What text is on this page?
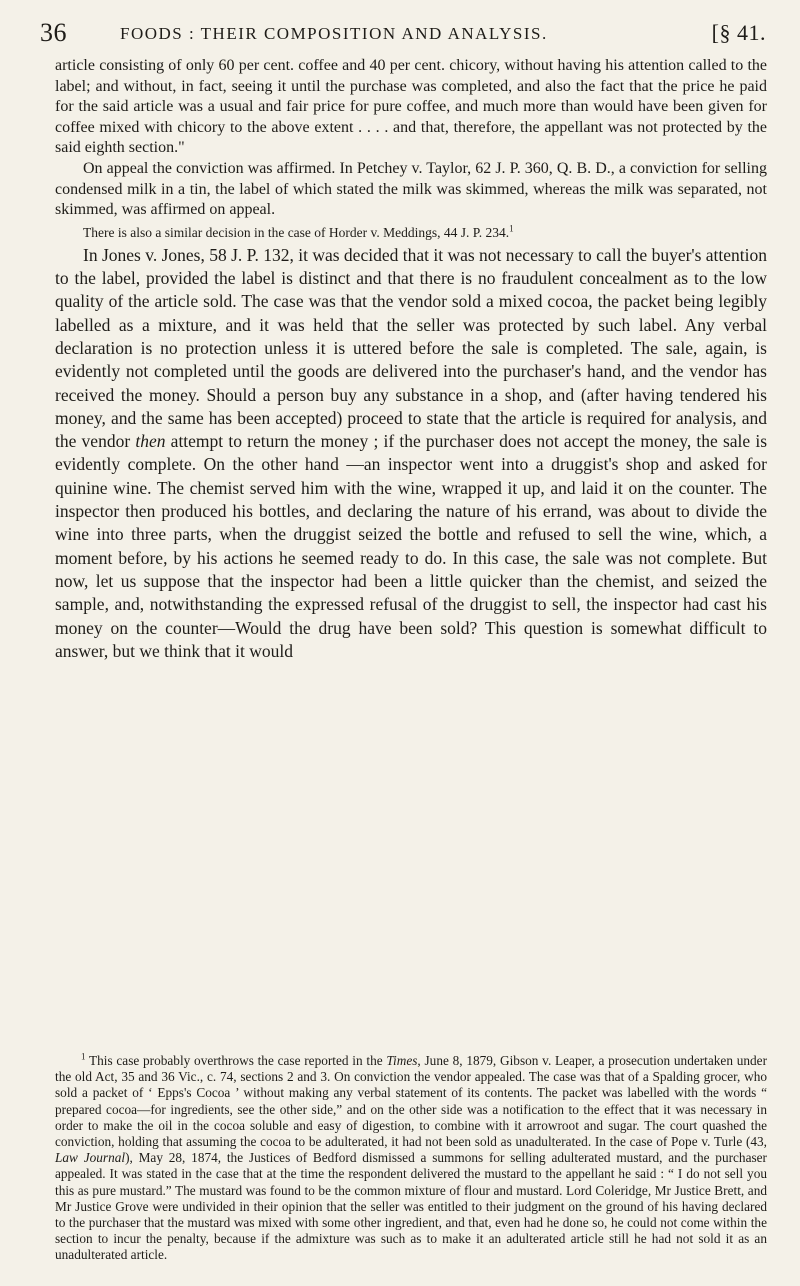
36	FOODS : THEIR COMPOSITION AND ANALYSIS.	[§ 41.

article consisting of only 60 per cent. coffee and 40 per cent. chicory, without having his attention called to the label; and without, in fact, seeing it until the purchase was completed, and also the fact that the price he paid for the said article was a usual and fair price for pure coffee, and much more than would have been given for coffee mixed with chicory to the above extent . . . . and that, therefore, the appellant was not protected by the said eighth section."

On appeal the conviction was affirmed. In Petchey v. Taylor, 62 J. P. 360, Q. B. D., a conviction for selling condensed milk in a tin, the label of which stated the milk was skimmed, whereas the milk was separated, not skimmed, was affirmed on appeal.

There is also a similar decision in the case of Horder v. Meddings, 44 J. P. 234.$^1$

In Jones v. Jones, 58 J. P. 132, it was decided that it was not necessary to call the buyer's attention to the label, provided the label is distinct and that there is no fraudulent concealment as to the low quality of the article sold. The case was that the vendor sold a mixed cocoa, the packet being legibly labelled as a mixture, and it was held that the seller was protected by such label. Any verbal declaration is no protection unless it is uttered before the sale is completed. The sale, again, is evidently not completed until the goods are delivered into the purchaser's hand, and the vendor has received the money. Should a person buy any substance in a shop, and (after having tendered his money, and the same has been accepted) proceed to state that the article is required for analysis, and the vendor then attempt to return the money ; if the purchaser does not accept the money, the sale is evidently complete. On the other hand —an inspector went into a druggist's shop and asked for quinine wine. The chemist served him with the wine, wrapped it up, and laid it on the counter. The inspector then produced his bottles, and declaring the nature of his errand, was about to divide the wine into three parts, when the druggist seized the bottle and refused to sell the wine, which, a moment before, by his actions he seemed ready to do. In this case, the sale was not complete. But now, let us suppose that the inspector had been a little quicker than the chemist, and seized the sample, and, notwithstanding the expressed refusal of the druggist to sell, the inspector had cast his money on the counter—Would the drug have been sold? This question is somewhat difficult to answer, but we think that it would

$^1$ This case probably overthrows the case reported in the Times, June 8, 1879, Gibson v. Leaper, a prosecution undertaken under the old Act, 35 and 36 Vic., c. 74, sections 2 and 3. On conviction the vendor appealed. The case was that of a Spalding grocer, who sold a packet of ‘ Epps's Cocoa ’ without making any verbal statement of its contents. The packet was labelled with the words “ prepared cocoa—for ingredients, see the other side,” and on the other side was a notification to the effect that it was necessary in order to make the oil in the cocoa soluble and easy of digestion, to combine with it arrowroot and sugar. The court quashed the conviction, holding that assuming the cocoa to be adulterated, it had not been sold as unadulterated. In the case of Pope v. Turle (43, Law Journal), May 28, 1874, the Justices of Bedford dismissed a summons for selling adulterated mustard, and the purchaser appealed. It was stated in the case that at the time the respondent delivered the mustard to the appellant he said : “ I do not sell you this as pure mustard.” The mustard was found to be the common mixture of flour and mustard. Lord Coleridge, Mr Justice Brett, and Mr Justice Grove were undivided in their opinion that the seller was entitled to their judgment on the ground of his having declared to the purchaser that the mustard was mixed with some other ingredient, and that, even had he done so, he could not come within the section to incur the penalty, because if the admixture was such as to make it an adulterated article still he had not sold it as an unadulterated article.
